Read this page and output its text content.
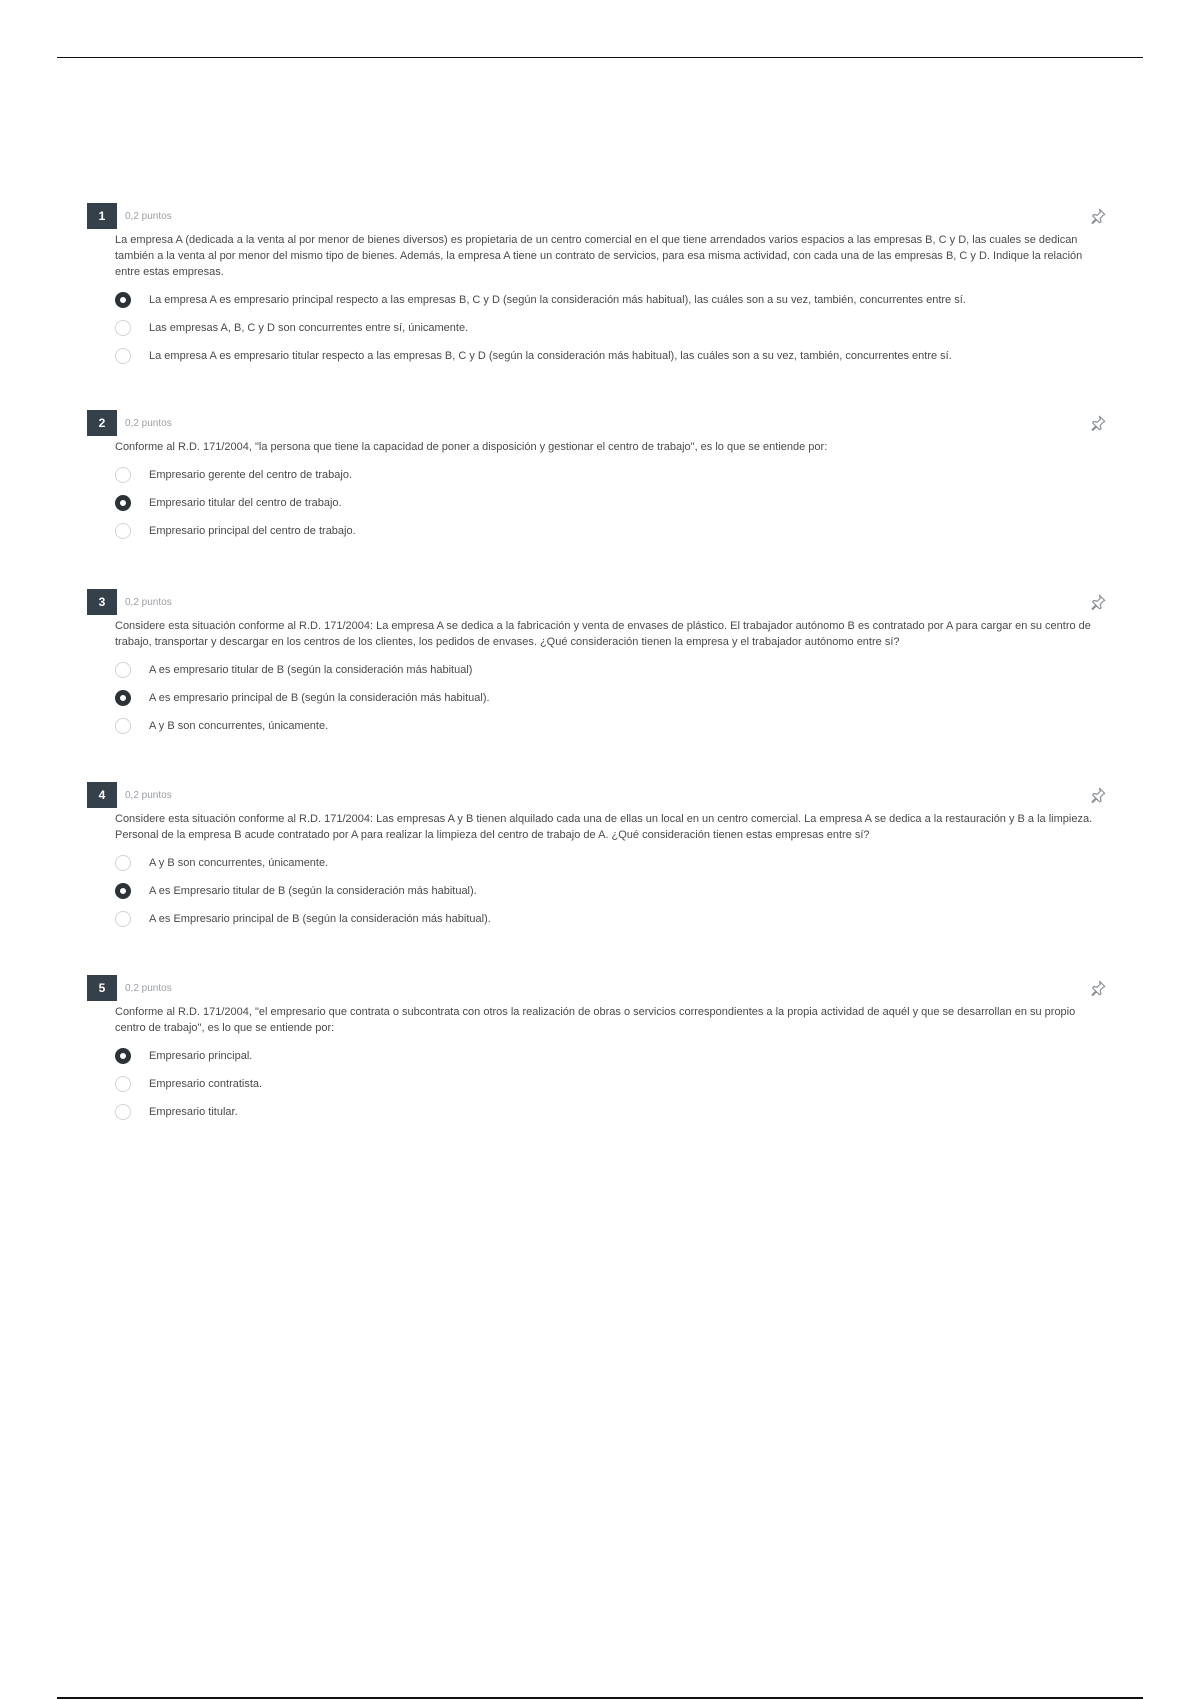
1	0,2 puntos
La empresa A (dedicada a la venta al por menor de bienes diversos) es propietaria de un centro comercial en el que tiene arrendados varios espacios a las empresas B, C y D, las cuales se dedican también a la venta al por menor del mismo tipo de bienes. Además, la empresa A tiene un contrato de servicios, para esa misma actividad, con cada una de las empresas B, C y D. Indique la relación entre estas empresas.
La empresa A es empresario principal respecto a las empresas B, C y D (según la consideración más habitual), las cuáles son a su vez, también, concurrentes entre sí.
Las empresas A, B, C y D son concurrentes entre sí, únicamente.
La empresa A es empresario titular respecto a las empresas B, C y D (según la consideración más habitual), las cuáles son a su vez, también, concurrentes entre sí.
2	0,2 puntos
Conforme al R.D. 171/2004, "la persona que tiene la capacidad de poner a disposición y gestionar el centro de trabajo", es lo que se entiende por:
Empresario gerente del centro de trabajo.
Empresario titular del centro de trabajo.
Empresario principal del centro de trabajo.
3	0,2 puntos
Considere esta situación conforme al R.D. 171/2004: La empresa A se dedica a la fabricación y venta de envases de plástico. El trabajador autónomo B es contratado por A para cargar en su centro de trabajo, transportar y descargar en los centros de los clientes, los pedidos de envases. ¿Qué consideración tienen la empresa y el trabajador autónomo entre sí?
A es empresario titular de B (según la consideración más habitual)
A es empresario principal de B (según la consideración más habitual).
A y B son concurrentes, únicamente.
4	0,2 puntos
Considere esta situación conforme al R.D. 171/2004: Las empresas A y B tienen alquilado cada una de ellas un local en un centro comercial. La empresa A se dedica a la restauración y B a la limpieza. Personal de la empresa B acude contratado por A para realizar la limpieza del centro de trabajo de A. ¿Qué consideración tienen estas empresas entre sí?
A y B son concurrentes, únicamente.
A es Empresario titular de B (según la consideración más habitual).
A es Empresario principal de B (según la consideración más habitual).
5	0,2 puntos
Conforme al R.D. 171/2004, "el empresario que contrata o subcontrata con otros la realización de obras o servicios correspondientes a la propia actividad de aquél y que se desarrollan en su propio centro de trabajo", es lo que se entiende por:
Empresario principal.
Empresario contratista.
Empresario titular.
